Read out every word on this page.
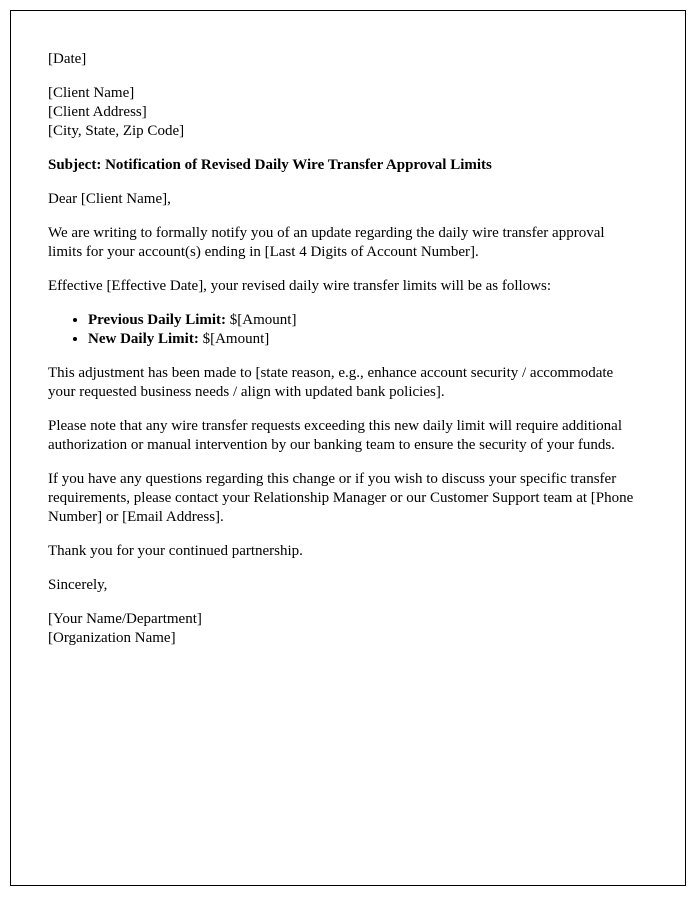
[Date]

[Client Name]

[Client Address]

[City, State, Zip Code]

Subject: Notification of Revised Daily Wire Transfer Approval Limits

Dear [Client Name],

We are writing to formally notify you of an update regarding the daily wire transfer approval limits for your account(s) ending in [Last 4 Digits of Account Number].

Effective [Effective Date], your revised daily wire transfer limits will be as follows:

• Previous Daily Limit: $[Amount]
• New Daily Limit: $[Amount]

This adjustment has been made to [state reason, e.g., enhance account security / accommodate your requested business needs / align with updated bank policies].

Please note that any wire transfer requests exceeding this new daily limit will require additional authorization or manual intervention by our banking team to ensure the security of your funds.

If you have any questions regarding this change or if you wish to discuss your specific transfer requirements, please contact your Relationship Manager or our Customer Support team at [Phone Number] or [Email Address].

Thank you for your continued partnership.

Sincerely,

[Your Name/Department]

[Organization Name]
